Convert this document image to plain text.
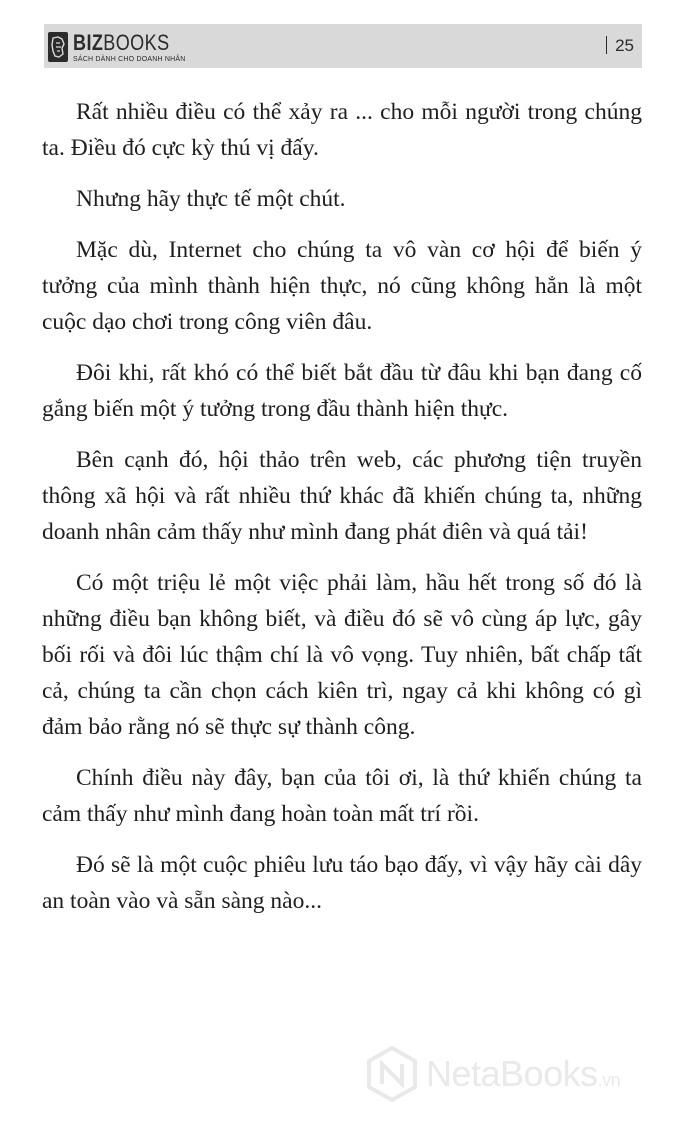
BIZBOOKS
SÁCH DÀNH CHO DOANH NHÂN
25

Rất nhiều điều có thể xảy ra ... cho mỗi người trong chúng ta. Điều đó cực kỳ thú vị đấy.

Nhưng hãy thực tế một chút.

Mặc dù, Internet cho chúng ta vô vàn cơ hội để biến ý tưởng của mình thành hiện thực, nó cũng không hẳn là một cuộc dạo chơi trong công viên đâu.

Đôi khi, rất khó có thể biết bắt đầu từ đâu khi bạn đang cố gắng biến một ý tưởng trong đầu thành hiện thực.

Bên cạnh đó, hội thảo trên web, các phương tiện truyền thông xã hội và rất nhiều thứ khác đã khiến chúng ta, những doanh nhân cảm thấy như mình đang phát điên và quá tải!

Có một triệu lẻ một việc phải làm, hầu hết trong số đó là những điều bạn không biết, và điều đó sẽ vô cùng áp lực, gây bối rối và đôi lúc thậm chí là vô vọng. Tuy nhiên, bất chấp tất cả, chúng ta cần chọn cách kiên trì, ngay cả khi không có gì đảm bảo rằng nó sẽ thực sự thành công.

Chính điều này đây, bạn của tôi ơi, là thứ khiến chúng ta cảm thấy như mình đang hoàn toàn mất trí rồi.

Đó sẽ là một cuộc phiêu lưu táo bạo đấy, vì vậy hãy cài dây an toàn vào và sẵn sàng nào...

NetaBooks.vn
